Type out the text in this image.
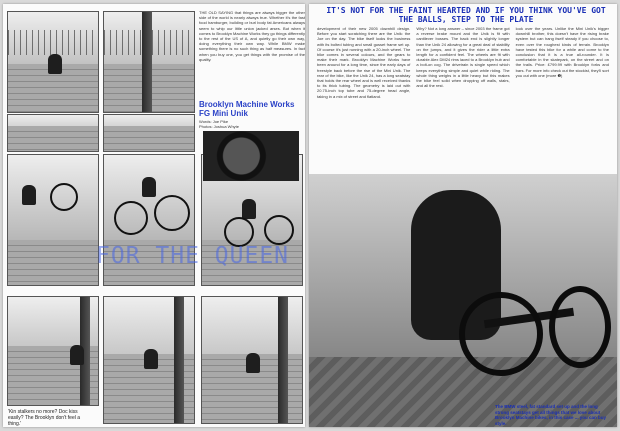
THE OLD SAYING that things are always bigger the other side of the world is nearly always true. Whether it's the fast food hamburger, building or burl body fat Americans always seem to whip our little union jacked arses. But when it comes to Brooklyn Machine Works they go things differently to the rest of the US of A, and quietly go their own way, doing everything their own way. While BMW make something there is no such thing as half measures. In fact when you buy one, you get things with the promise of the quality.

Brooklyn Machine Works FG Mini Unik
Words: Joe Pike
Photos: Joshua Whyte
'Kin stalkers no more? Doc kiss easily? The Brooklyn don't feel a thing.'
FOR THE QUEEN
IT'S NOT FOR THE FAINT HEARTED AND IF YOU THINK YOU'VE GOT THE BALLS, STEP TO THE PLATE

development of their new 2005 downhill design. Before you start scratching there are the Unik: the Joe on the day. The bike itself looks the business with its bolted tubing and small gusset frame set up. Of course it's just running with a 20-inch wheel. The bike comes in several colours, and the gears to make their mark. Brooklyn Machine Works have been around for a long time, since the early days of freestyle back before the rise of the Mini Unik. The rear of the bike, like the Unik 24, has a long seatstay that holds the rear wheel and is well received thanks to its thick tubing. The geometry is laid out with 20.75-inch top tube and 75-degree head angle, taking in a mix of street and flatland.

Why? Not a long answer – since 2003 the frame got a reverse brake mount and the Unik is fit with cantilever bosses. The back end is slightly longer than the Unik 24 allowing for a great deal of stability on the jumps, and it gives the rider a little extra length for a confident feel. The wheels are fit with durable Alex DM24 rims laced to a Brooklyn hub and a bolt-on cog. The drivetrain is single speed which keeps everything simple and quiet while riding. The whole thing weighs in a little heavy but this makes the bike feel solid when dropping off walls, stairs, and all the rest.

look over the years. Unlike the Mini Unik's bigger downhill brother, this doesn't have the rising brake system but can hang itself steady if you choose to, even over the roughest kinds of terrain. Brooklyn have tested this bike for a while and come to the conclusion that it is a true all-rounder. It is comfortable in the skatepark, on the street and on the trails. Price: £799.99 with Brooklyn forks and bars. For more info check out the stockist, they'll sort you out with one (more ❶)

The BMW steel, fat standard set up and the long strong seatstays get all things that we love about Brooklyn Machine bikes, in this case ... you can buy style.
